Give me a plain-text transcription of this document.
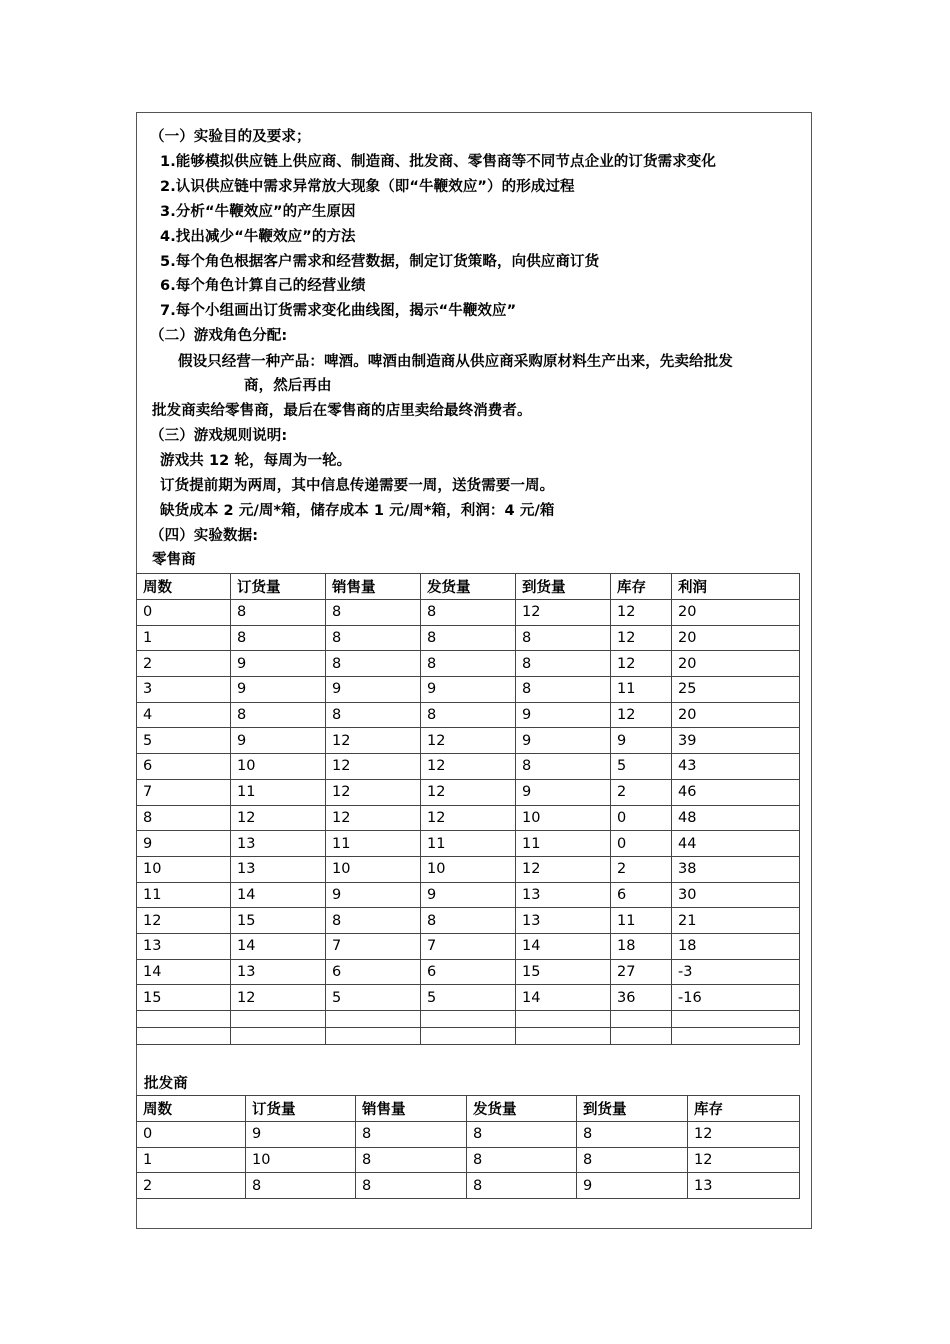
（一）实验目的及要求；
1.能够模拟供应链上供应商、制造商、批发商、零售商等不同节点企业的订货需求变化
2.认识供应链中需求异常放大现象（即“牛鞭效应”）的形成过程
3.分析“牛鞭效应”的产生原因
4.找出减少“牛鞭效应”的方法
5.每个角色根据客户需求和经营数据，制定订货策略，向供应商订货
6.每个角色计算自己的经营业绩
7.每个小组画出订货需求变化曲线图，揭示“牛鞭效应”
（二）游戏角色分配:
假设只经营一种产品：啤酒。啤酒由制造商从供应商采购原材料生产出来，先卖给批发
商，然后再由
批发商卖给零售商，最后在零售商的店里卖给最终消费者。
（三）游戏规则说明:
游戏共 12 轮，每周为一轮。
订货提前期为两周，其中信息传递需要一周，送货需要一周。
缺货成本 2 元/周*箱，储存成本 1 元/周*箱，利润：4 元/箱
（四）实验数据:
零售商
周数	订货量	销售量	发货量	到货量	库存	利润
0	8	8	8	12	12	20
1	8	8	8	8	12	20
2	9	8	8	8	12	20
3	9	9	9	8	11	25
4	8	8	8	9	12	20
5	9	12	12	9	9	39
6	10	12	12	8	5	43
7	11	12	12	9	2	46
8	12	12	12	10	0	48
9	13	11	11	11	0	44
10	13	10	10	12	2	38
11	14	9	9	13	6	30
12	15	8	8	13	11	21
13	14	7	7	14	18	18
14	13	6	6	15	27	-3
15	12	5	5	14	36	-16

批发商
周数	订货量	销售量	发货量	到货量	库存
0	9	8	8	8	12
1	10	8	8	8	12
2	8	8	8	9	13
